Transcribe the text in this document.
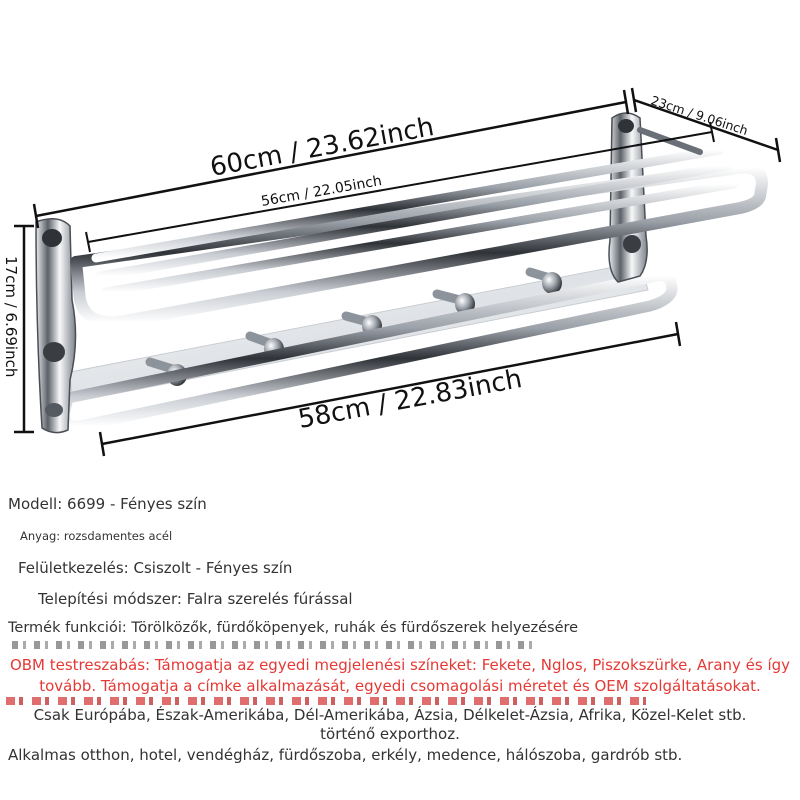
60cm / 23.62inch
56cm / 22.05inch
23cm / 9.06inch
17cm / 6.69inch
58cm / 22.83inch
Modell: 6699 - Fényes szín
Anyag: rozsdamentes acél
Felületkezelés: Csiszolt - Fényes szín
Telepítési módszer: Falra szerelés fúrással
Termék funkciói: Törölközők, fürdőköpenyek, ruhák és fürdőszerek helyezésére
OBM testreszabás: Támogatja az egyedi megjelenési színeket: Fekete, Nglos, Piszokszürke, Arany és így
tovább. Támogatja a címke alkalmazását, egyedi csomagolási méretet és OEM szolgáltatásokat.
Csak Európába, Észak-Amerikába, Dél-Amerikába, Ázsia, Délkelet-Ázsia, Afrika, Közel-Kelet stb.
történő exporthoz.
Alkalmas otthon, hotel, vendégház, fürdőszoba, erkély, medence, hálószoba, gardrób stb.
